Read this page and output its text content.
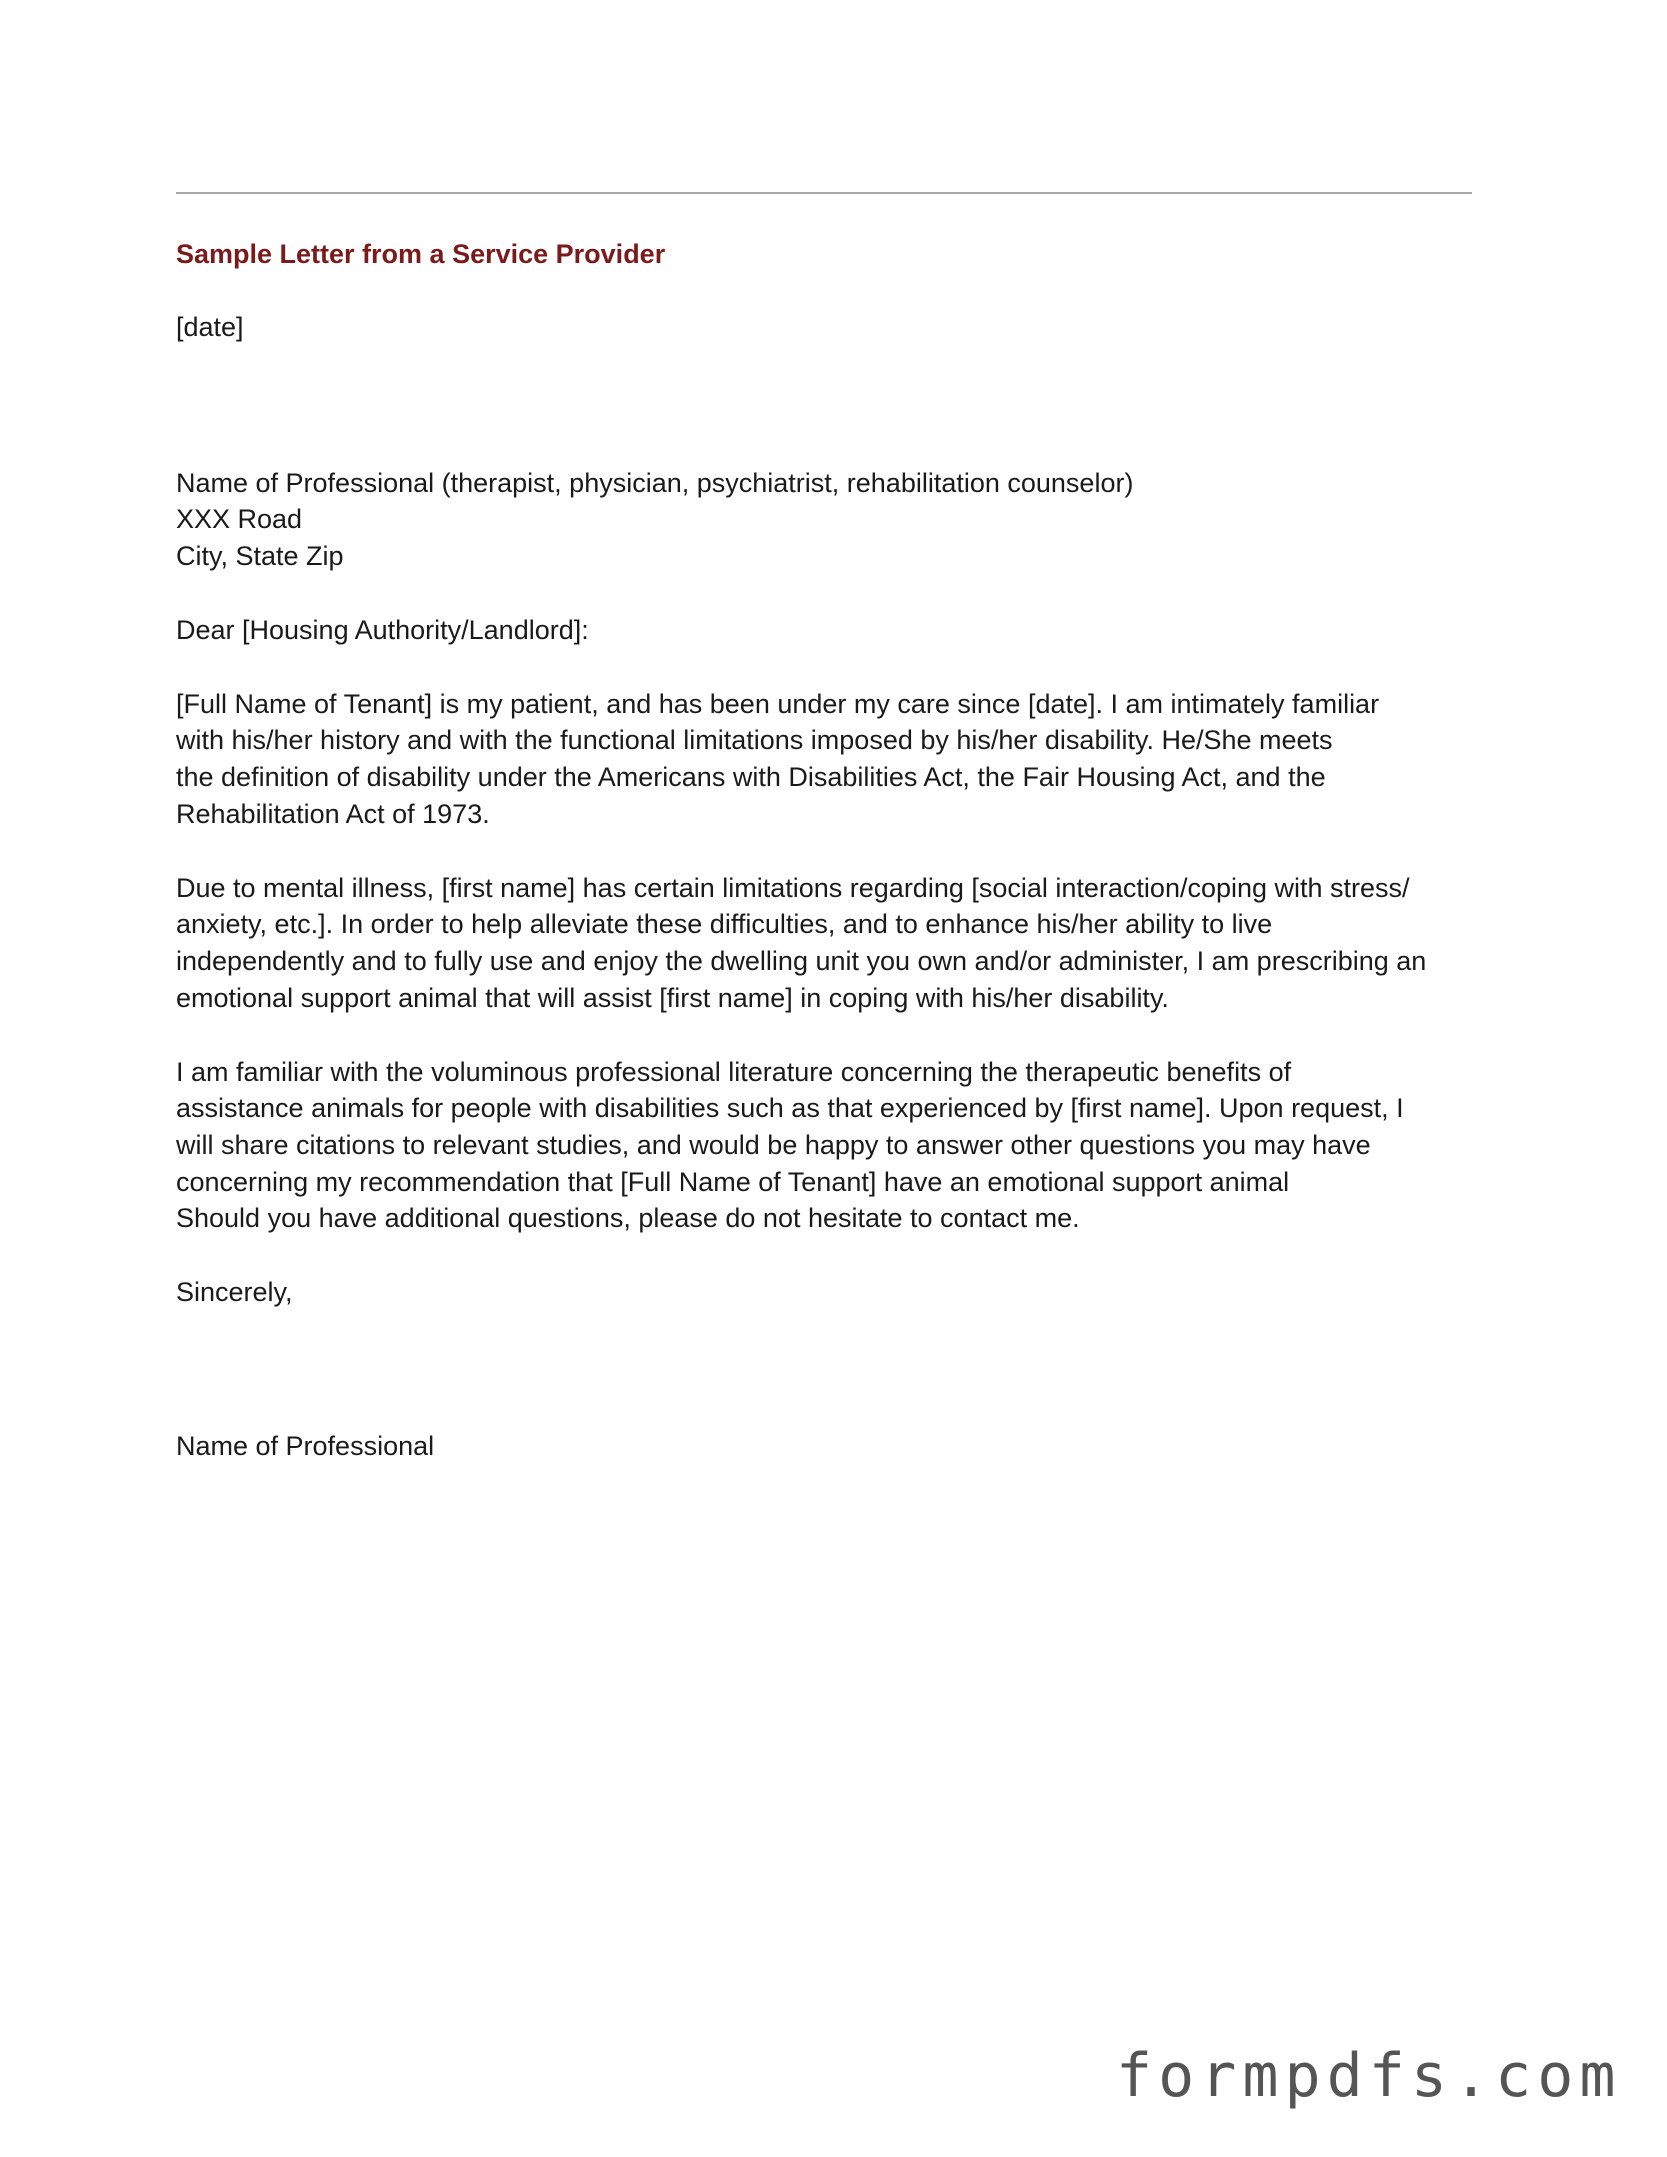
Sample Letter from a Service Provider
[date]
Name of Professional (therapist, physician, psychiatrist, rehabilitation counselor)
XXX Road
City, State Zip
Dear [Housing Authority/Landlord]:
[Full Name of Tenant] is my patient, and has been under my care since [date]. I am intimately familiar
with his/her history and with the functional limitations imposed by his/her disability. He/She meets
the definition of disability under the Americans with Disabilities Act, the Fair Housing Act, and the
Rehabilitation Act of 1973.
Due to mental illness, [first name] has certain limitations regarding [social interaction/coping with stress/
anxiety, etc.]. In order to help alleviate these difficulties, and to enhance his/her ability to live
independently and to fully use and enjoy the dwelling unit you own and/or administer, I am prescribing an
emotional support animal that will assist [first name] in coping with his/her disability.
I am familiar with the voluminous professional literature concerning the therapeutic benefits of
assistance animals for people with disabilities such as that experienced by [first name]. Upon request, I
will share citations to relevant studies, and would be happy to answer other questions you may have
concerning my recommendation that [Full Name of Tenant] have an emotional support animal
Should you have additional questions, please do not hesitate to contact me.
Sincerely,
Name of Professional
formpdfs.com
